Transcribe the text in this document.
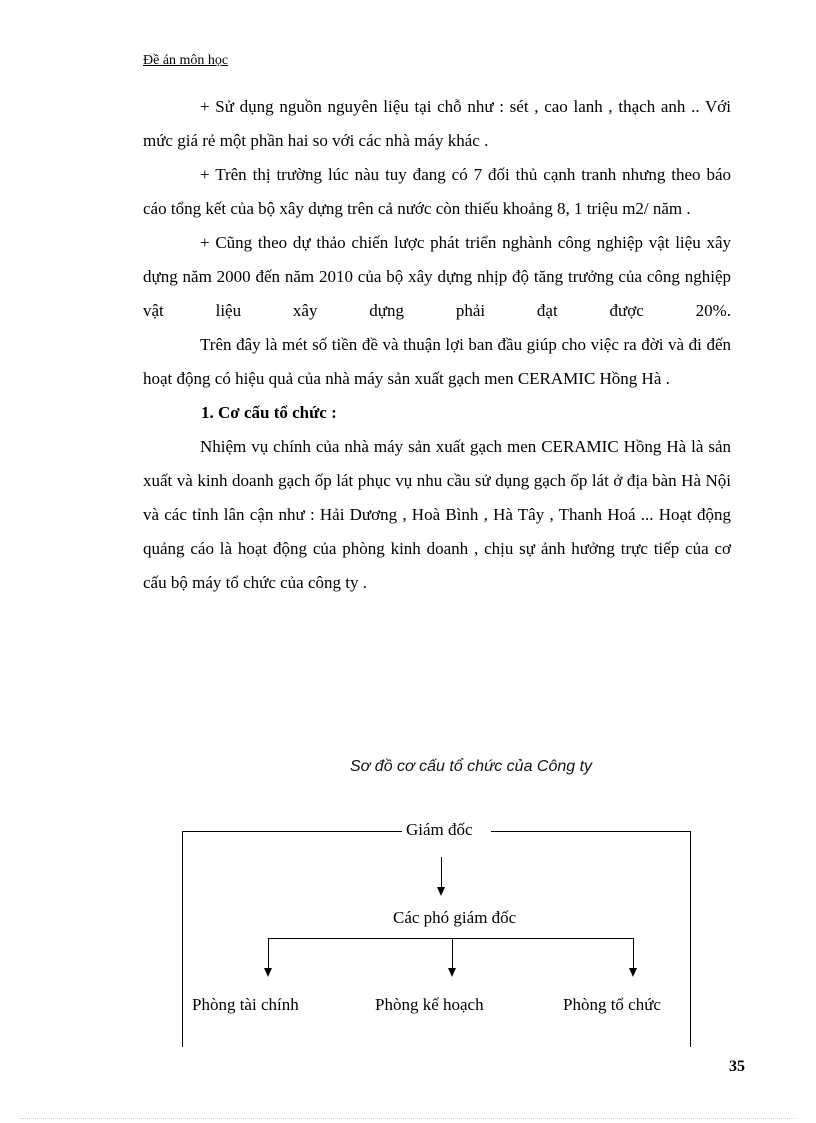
Đề án môn học

+ Sử dụng nguồn nguyên liệu tại chỗ như : sét , cao lanh , thạch anh .. Với mức giá rẻ một phần hai so với các nhà máy khác .

+ Trên thị trường lúc nàu tuy đang có 7 đối thủ cạnh tranh nhưng theo báo cáo tổng kết của bộ xây dựng trên cả nước còn thiếu khoảng 8, 1 triệu m2/ năm .

+ Cũng theo dự thảo chiến lược phát triển nghành công nghiệp vật liệu xây dựng năm 2000 đến năm 2010 của bộ xây dựng nhịp độ tăng trưởng của công nghiệp vật liệu xây dựng phải đạt được 20%.

Trên đây là mét số tiền đề và thuận lợi ban đầu giúp cho việc ra đời và đi đến hoạt động có hiệu quả của nhà máy sản xuất gạch men CERAMIC Hồng Hà .

1. Cơ cấu tổ chức :

Nhiệm vụ chính của nhà máy sản xuất gạch men CERAMIC Hồng Hà là sản xuất và kinh doanh gạch ốp lát phục vụ nhu cầu sử dụng gạch ốp lát ở địa bàn Hà Nội và các tỉnh lân cận như : Hải Dương , Hoà Bình , Hà Tây , Thanh Hoá ... Hoạt động quảng cáo là hoạt động của phòng kinh doanh , chịu sự ảnh hưởng trực tiếp của cơ cấu bộ máy tổ chức của công ty .

Sơ đồ cơ cấu tổ chức của Công ty
Giám đốc
Các phó giám đốc
Phòng tài chính	Phòng kế hoạch	Phòng tổ chức
35
